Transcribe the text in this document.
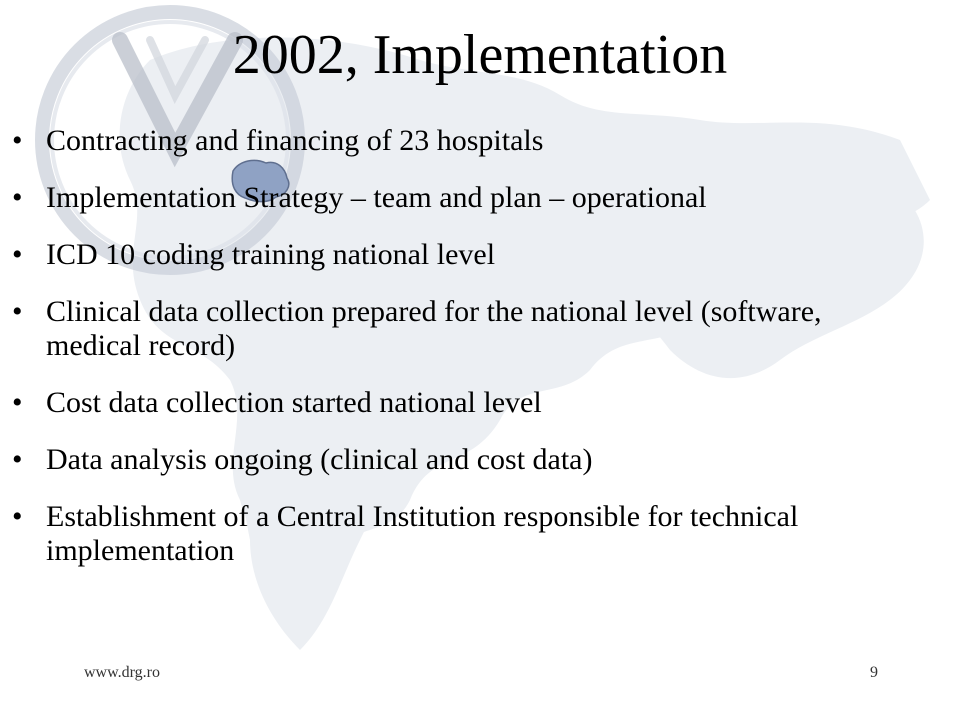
2002, Implementation
• Contracting and financing of 23 hospitals
• Implementation Strategy – team and plan – operational
• ICD 10 coding training national level
• Clinical data collection prepared for the national level (software, medical record)
• Cost data collection started national level
• Data analysis ongoing (clinical and cost data)
• Establishment of a Central Institution responsible for technical implementation
www.drg.ro	9
